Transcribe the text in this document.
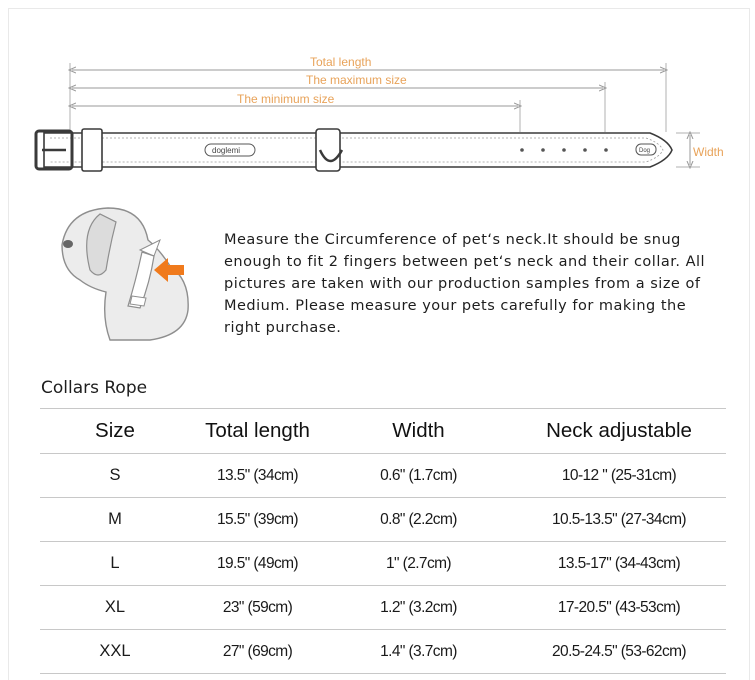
Total length
The maximum size
The minimum size
doglemi	Dog	Width

Measure the Circumference of pet‘s neck.It should be snug enough to fit 2 fingers between pet‘s neck and their collar. All pictures are taken with our production samples from a size of Medium. Please measure your pets carefully for making the right purchase.

Collars Rope
Size	Total length	Width	Neck adjustable
S	13.5" (34cm)	0.6" (1.7cm)	10-12 " (25-31cm)
M	15.5" (39cm)	0.8" (2.2cm)	10.5-13.5" (27-34cm)
L	19.5" (49cm)	1" (2.7cm)	13.5-17" (34-43cm)
XL	23" (59cm)	1.2" (3.2cm)	17-20.5" (43-53cm)
XXL	27" (69cm)	1.4" (3.7cm)	20.5-24.5" (53-62cm)
